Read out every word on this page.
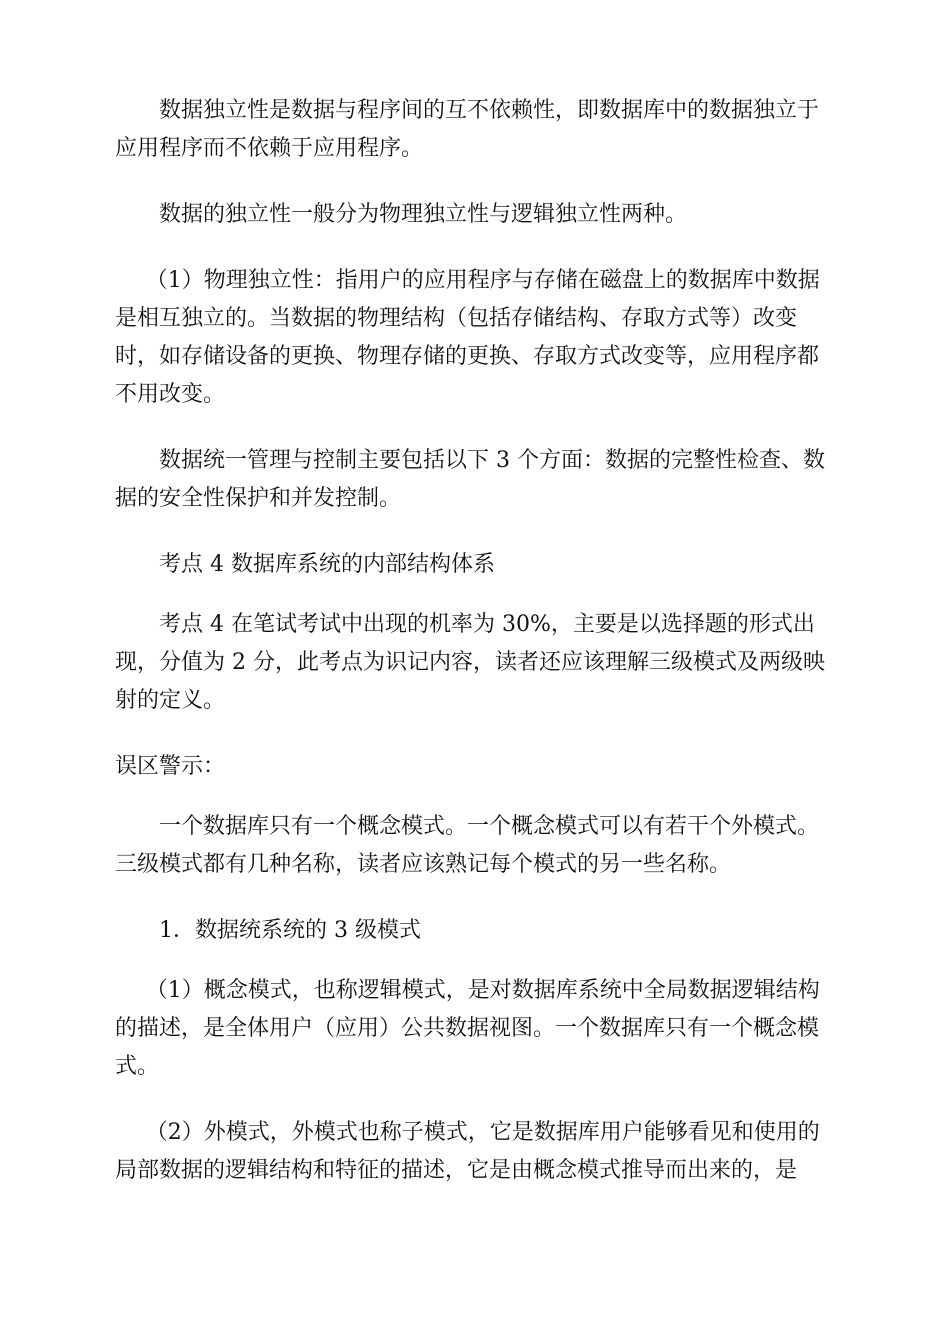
数据独立性是数据与程序间的互不依赖性，即数据库中的数据独立于应用程序而不依赖于应用程序。

数据的独立性一般分为物理独立性与逻辑独立性两种。

（1）物理独立性：指用户的应用程序与存储在磁盘上的数据库中数据是相互独立的。当数据的物理结构（包括存储结构、存取方式等）改变时，如存储设备的更换、物理存储的更换、存取方式改变等，应用程序都不用改变。

数据统一管理与控制主要包括以下 3 个方面：数据的完整性检查、数据的安全性保护和并发控制。

考点 4 数据库系统的内部结构体系

考点 4 在笔试考试中出现的机率为 30%，主要是以选择题的形式出现，分值为 2 分，此考点为识记内容，读者还应该理解三级模式及两级映射的定义。

误区警示：

一个数据库只有一个概念模式。一个概念模式可以有若干个外模式。三级模式都有几种名称，读者应该熟记每个模式的另一些名称。

1．数据统系统的 3 级模式

（1）概念模式，也称逻辑模式，是对数据库系统中全局数据逻辑结构的描述，是全体用户（应用）公共数据视图。一个数据库只有一个概念模式。

（2）外模式，外模式也称子模式，它是数据库用户能够看见和使用的局部数据的逻辑结构和特征的描述，它是由概念模式推导而出来的，是
